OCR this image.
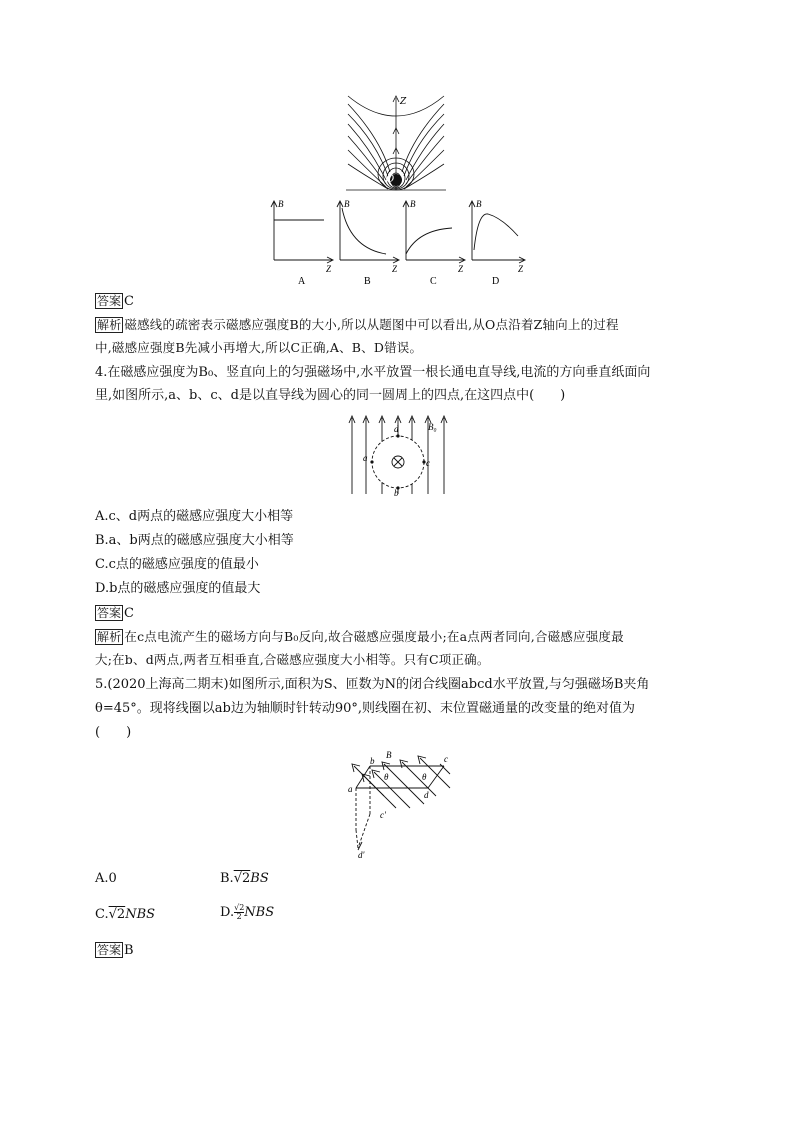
O
Z
B
Z
B
Z
B
Z
B
Z
A	B	C	D
答案 C
解析 磁感线的疏密表示磁感应强度B的大小,所以从题图中可以看出,从O点沿着Z轴向上的过程
中,磁感应强度B先减小再增大,所以C正确,A、B、D错误。
4.在磁感应强度为B₀、竖直向上的匀强磁场中,水平放置一根长通电直导线,电流的方向垂直纸面向
里,如图所示,a、b、c、d是以直导线为圆心的同一圆周上的四点,在这四点中(　　)
a
b
c
d	B₀
A.c、d两点的磁感应强度大小相等
B.a、b两点的磁感应强度大小相等
C.c点的磁感应强度的值最小
D.b点的磁感应强度的值最大
答案 C
解析 在c点电流产生的磁场方向与B₀反向,故合磁感应强度最小;在a点两者同向,合磁感应强度最
大;在b、d两点,两者互相垂直,合磁感应强度大小相等。只有C项正确。
5.(2020上海高二期末)如图所示,面积为S、匝数为N的闭合线圈abcd水平放置,与匀强磁场B夹角
θ=45°。现将线圈以ab边为轴顺时针转动90°,则线圈在初、末位置磁通量的改变量的绝对值为
(　　)
B
a
b	c
d
c'
d'
θ	θ
A.0	B.√2BS
C.√2NBS	D. $\frac{√2}{2}$ NBS
答案 B
